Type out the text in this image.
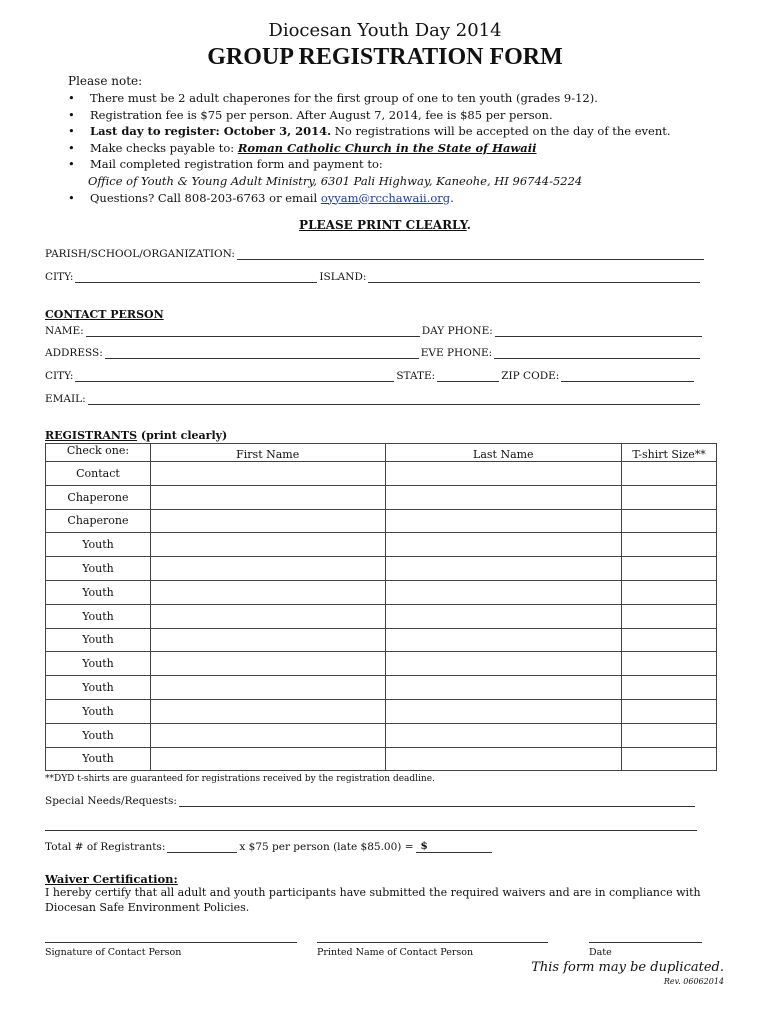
Diocesan Youth Day 2014
GROUP REGISTRATION FORM
Please note:
• There must be 2 adult chaperones for the first group of one to ten youth (grades 9-12).
• Registration fee is $75 per person. After August 7, 2014, fee is $85 per person.
• Last day to register: October 3, 2014. No registrations will be accepted on the day of the event.
• Make checks payable to: Roman Catholic Church in the State of Hawaii
• Mail completed registration form and payment to:
Office of Youth & Young Adult Ministry, 6301 Pali Highway, Kaneohe, HI 96744-5224
• Questions? Call 808-203-6763 or email oyyam@rcchawaii.org.
PLEASE PRINT CLEARLY.
PARISH/SCHOOL/ORGANIZATION:
CITY:	ISLAND:
CONTACT PERSON
NAME:	DAY PHONE:
ADDRESS:	EVE PHONE:
CITY:	STATE:	ZIP CODE:
EMAIL:
REGISTRANTS (print clearly)
Check one:	First Name	Last Name	T-shirt Size**
Contact			
Chaperone			
Chaperone			
Youth			
Youth			
Youth			
Youth			
Youth			
Youth			
Youth			
Youth			
Youth			
Youth			
**DYD t-shirts are guaranteed for registrations received by the registration deadline.
Special Needs/Requests:
Total # of Registrants:	x $75 per person (late $85.00) = $
Waiver Certification:
I hereby certify that all adult and youth participants have submitted the required waivers and are in compliance with Diocesan Safe Environment Policies.
Signature of Contact Person	Printed Name of Contact Person	Date
This form may be duplicated.
Rev. 06062014
